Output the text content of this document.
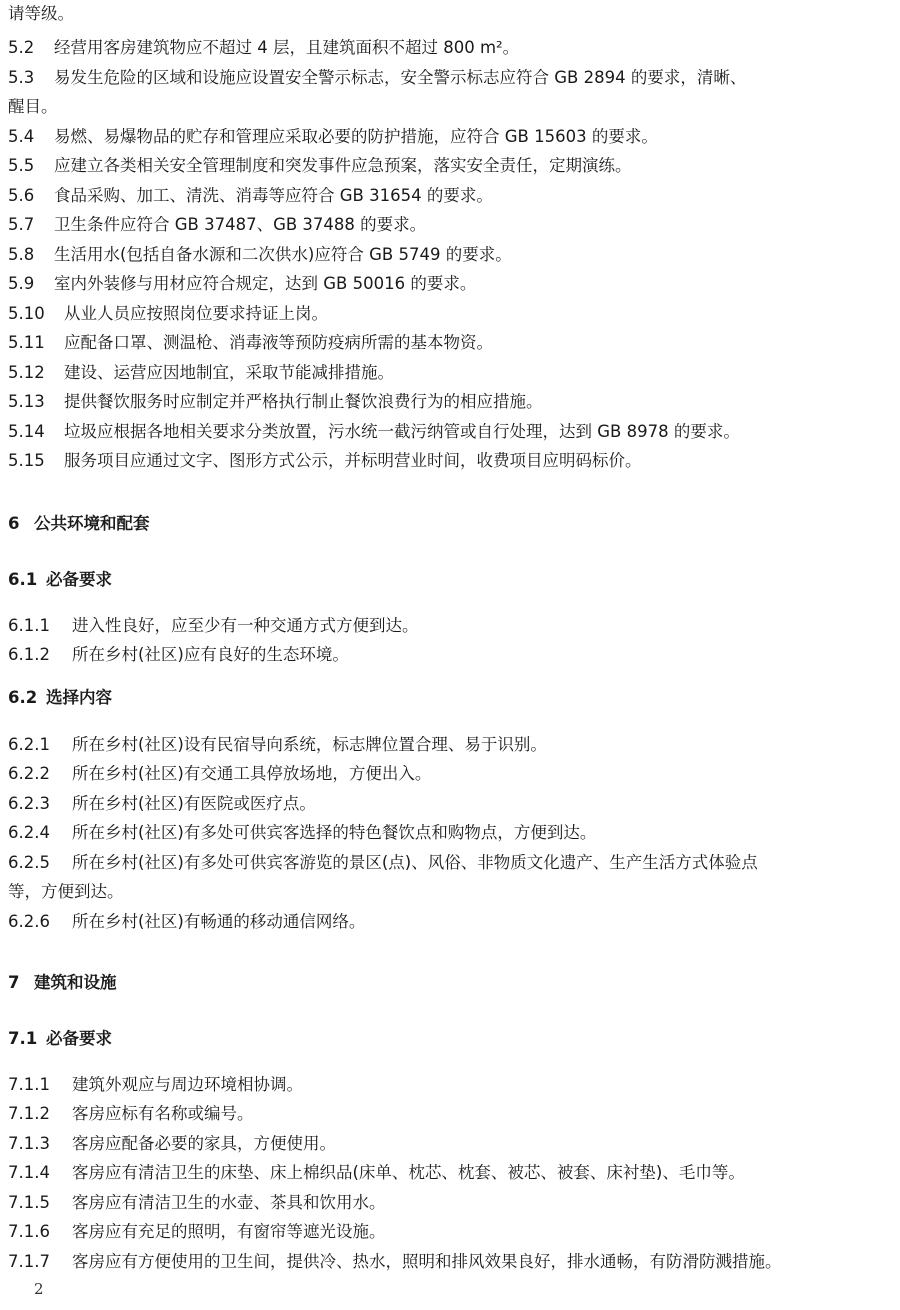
请等级。
5.2 经营用客房建筑物应不超过 4 层，且建筑面积不超过 800 m²。
5.3 易发生危险的区域和设施应设置安全警示标志，安全警示标志应符合 GB 2894 的要求，清晰、
醒目。
5.4 易燃、易爆物品的贮存和管理应采取必要的防护措施，应符合 GB 15603 的要求。
5.5 应建立各类相关安全管理制度和突发事件应急预案，落实安全责任，定期演练。
5.6 食品采购、加工、清洗、消毒等应符合 GB 31654 的要求。
5.7 卫生条件应符合 GB 37487、GB 37488 的要求。
5.8 生活用水(包括自备水源和二次供水)应符合 GB 5749 的要求。
5.9 室内外装修与用材应符合规定，达到 GB 50016 的要求。
5.10 从业人员应按照岗位要求持证上岗。
5.11 应配备口罩、测温枪、消毒液等预防疫病所需的基本物资。
5.12 建设、运营应因地制宜，采取节能减排措施。
5.13 提供餐饮服务时应制定并严格执行制止餐饮浪费行为的相应措施。
5.14 垃圾应根据各地相关要求分类放置，污水统一截污纳管或自行处理，达到 GB 8978 的要求。
5.15 服务项目应通过文字、图形方式公示，并标明营业时间，收费项目应明码标价。
6 公共环境和配套
6.1 必备要求
6.1.1 进入性良好，应至少有一种交通方式方便到达。
6.1.2 所在乡村(社区)应有良好的生态环境。
6.2 选择内容
6.2.1 所在乡村(社区)设有民宿导向系统，标志牌位置合理、易于识别。
6.2.2 所在乡村(社区)有交通工具停放场地，方便出入。
6.2.3 所在乡村(社区)有医院或医疗点。
6.2.4 所在乡村(社区)有多处可供宾客选择的特色餐饮点和购物点，方便到达。
6.2.5 所在乡村(社区)有多处可供宾客游览的景区(点)、风俗、非物质文化遗产、生产生活方式体验点
等，方便到达。
6.2.6 所在乡村(社区)有畅通的移动通信网络。
7 建筑和设施
7.1 必备要求
7.1.1 建筑外观应与周边环境相协调。
7.1.2 客房应标有名称或编号。
7.1.3 客房应配备必要的家具，方便使用。
7.1.4 客房应有清洁卫生的床垫、床上棉织品(床单、枕芯、枕套、被芯、被套、床衬垫)、毛巾等。
7.1.5 客房应有清洁卫生的水壶、茶具和饮用水。
7.1.6 客房应有充足的照明，有窗帘等遮光设施。
7.1.7 客房应有方便使用的卫生间，提供冷、热水，照明和排风效果良好，排水通畅，有防滑防溅措施。
2
